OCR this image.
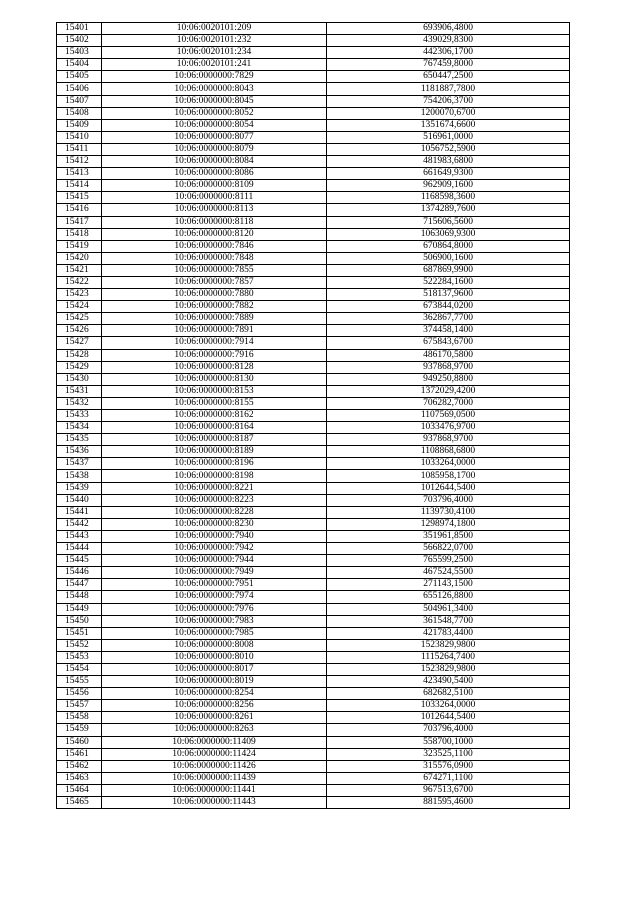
15401	10:06:0020101:209	693906,4800
15402	10:06:0020101:232	439029,8300
15403	10:06:0020101:234	442306,1700
15404	10:06:0020101:241	767459,8000
15405	10:06:0000000:7829	650447,2500
15406	10:06:0000000:8043	1181887,7800
15407	10:06:0000000:8045	754206,3700
15408	10:06:0000000:8052	1200070,6700
15409	10:06:0000000:8054	1351674,6600
15410	10:06:0000000:8077	516961,0000
15411	10:06:0000000:8079	1056752,5900
15412	10:06:0000000:8084	481983,6800
15413	10:06:0000000:8086	661649,9300
15414	10:06:0000000:8109	962909,1600
15415	10:06:0000000:8111	1168598,3600
15416	10:06:0000000:8113	1374289,7600
15417	10:06:0000000:8118	715606,5600
15418	10:06:0000000:8120	1063069,9300
15419	10:06:0000000:7846	670864,8000
15420	10:06:0000000:7848	506900,1600
15421	10:06:0000000:7855	687869,9900
15422	10:06:0000000:7857	522284,1600
15423	10:06:0000000:7880	518137,9600
15424	10:06:0000000:7882	673844,0200
15425	10:06:0000000:7889	362867,7700
15426	10:06:0000000:7891	374458,1400
15427	10:06:0000000:7914	675843,6700
15428	10:06:0000000:7916	486170,5800
15429	10:06:0000000:8128	937868,9700
15430	10:06:0000000:8130	949250,8800
15431	10:06:0000000:8153	1372029,4200
15432	10:06:0000000:8155	706282,7000
15433	10:06:0000000:8162	1107569,0500
15434	10:06:0000000:8164	1033476,9700
15435	10:06:0000000:8187	937868,9700
15436	10:06:0000000:8189	1108868,6800
15437	10:06:0000000:8196	1033264,0000
15438	10:06:0000000:8198	1085958,1700
15439	10:06:0000000:8221	1012644,5400
15440	10:06:0000000:8223	703796,4000
15441	10:06:0000000:8228	1139730,4100
15442	10:06:0000000:8230	1298974,1800
15443	10:06:0000000:7940	351961,8500
15444	10:06:0000000:7942	566822,0700
15445	10:06:0000000:7944	765599,2500
15446	10:06:0000000:7949	467524,5500
15447	10:06:0000000:7951	271143,1500
15448	10:06:0000000:7974	655126,8800
15449	10:06:0000000:7976	504961,3400
15450	10:06:0000000:7983	361548,7700
15451	10:06:0000000:7985	421783,4400
15452	10:06:0000000:8008	1523829,9800
15453	10:06:0000000:8010	1115264,7400
15454	10:06:0000000:8017	1523829,9800
15455	10:06:0000000:8019	423490,5400
15456	10:06:0000000:8254	682682,5100
15457	10:06:0000000:8256	1033264,0000
15458	10:06:0000000:8261	1012644,5400
15459	10:06:0000000:8263	703796,4000
15460	10:06:0000000:11409	558700,1000
15461	10:06:0000000:11424	323525,1100
15462	10:06:0000000:11426	315576,0900
15463	10:06:0000000:11439	674271,1100
15464	10:06:0000000:11441	967513,6700
15465	10:06:0000000:11443	881595,4600
